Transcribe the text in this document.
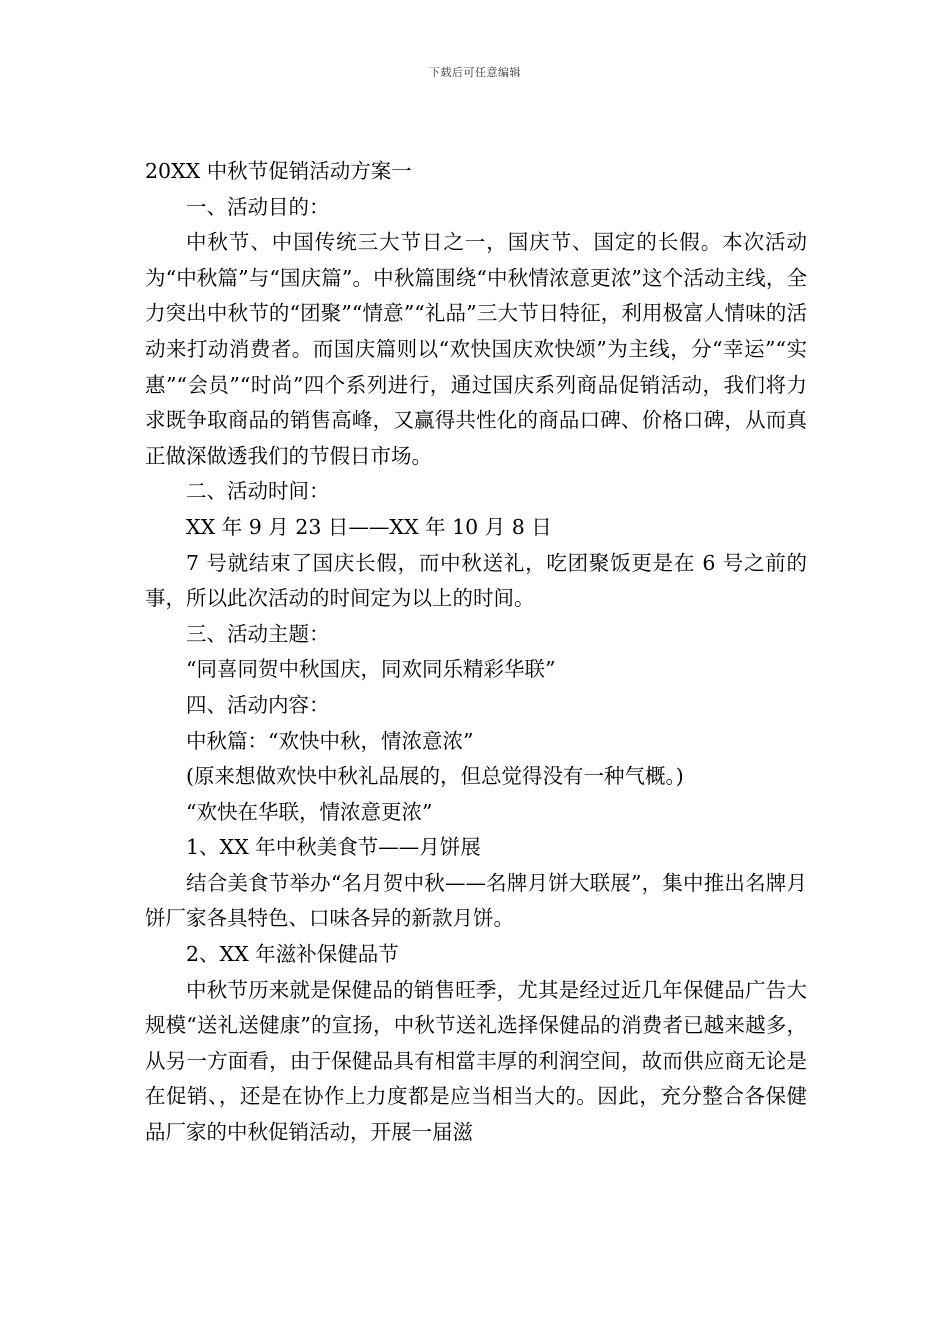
下载后可任意编辑

20XX 中秋节促销活动方案一

一、活动目的：

中秋节、中国传统三大节日之一，国庆节、国定的长假。本次活动为“中秋篇”与“国庆篇”。中秋篇围绕“中秋情浓意更浓”这个活动主线，全力突出中秋节的“团聚”“情意”“礼品”三大节日特征，利用极富人情味的活动来打动消费者。而国庆篇则以“欢快国庆欢快颂”为主线，分“幸运”“实惠”“会员”“时尚”四个系列进行，通过国庆系列商品促销活动，我们将力求既争取商品的销售高峰，又赢得共性化的商品口碑、价格口碑，从而真正做深做透我们的节假日市场。

二、活动时间：

XX 年 9 月 23 日——XX 年 10 月 8 日

7 号就结束了国庆长假，而中秋送礼，吃团聚饭更是在 6 号之前的事，所以此次活动的时间定为以上的时间。

三、活动主题：

“同喜同贺中秋国庆，同欢同乐精彩华联”

四、活动内容：

中秋篇：“欢快中秋，情浓意浓”

(原来想做欢快中秋礼品展的，但总觉得没有一种气概。)

“欢快在华联，情浓意更浓”

1、XX 年中秋美食节——月饼展

结合美食节举办“名月贺中秋——名牌月饼大联展”，集中推出名牌月饼厂家各具特色、口味各异的新款月饼。

2、XX 年滋补保健品节

中秋节历来就是保健品的销售旺季，尤其是经过近几年保健品广告大规模“送礼送健康”的宣扬，中秋节送礼选择保健品的消费者已越来越多，从另一方面看，由于保健品具有相當丰厚的利润空间，故而供应商无论是在促销、，还是在协作上力度都是应当相当大的。因此，充分整合各保健品厂家的中秋促销活动，开展一届滋
